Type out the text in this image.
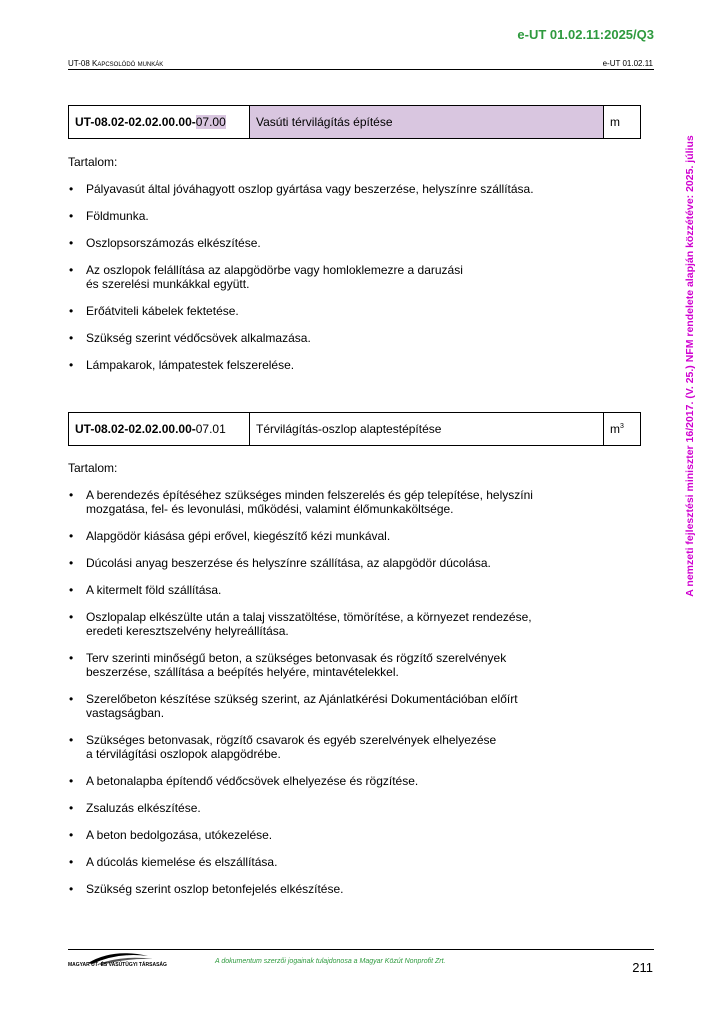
e-UT 01.02.11:2025/Q3
UT-08 Kapcsolódó munkák	e-UT 01.02.11
A nemzeti fejlesztési miniszter 16/2017. (V. 25.) NFM rendelete alapján közzétéve: 2025. július
UT-08.02-02.02.00.00-07.00	Vasúti térvilágítás építése	m
Tartalom:
• Pályavasút által jóváhagyott oszlop gyártása vagy beszerzése, helyszínre szállítása.
• Földmunka.
• Oszlopsorszámozás elkészítése.
• Az oszlopok felállítása az alapgödörbe vagy homloklemezre a daruzási
és szerelési munkákkal együtt.
• Erőátviteli kábelek fektetése.
• Szükség szerint védőcsövek alkalmazása.
• Lámpakarok, lámpatestek felszerelése.
UT-08.02-02.02.00.00-07.01	Térvilágítás-oszlop alaptestépítése	$m^3$
Tartalom:
• A berendezés építéséhez szükséges minden felszerelés és gép telepítése, helyszíni
mozgatása, fel- és levonulási, működési, valamint élőmunkaköltsége.
• Alapgödör kiásása gépi erővel, kiegészítő kézi munkával.
• Dúcolási anyag beszerzése és helyszínre szállítása, az alapgödör dúcolása.
• A kitermelt föld szállítása.
• Oszlopalap elkészülte után a talaj visszatöltése, tömörítése, a környezet rendezése,
eredeti keresztszelvény helyreállítása.
• Terv szerinti minőségű beton, a szükséges betonvasak és rögzítő szerelvények
beszerzése, szállítása a beépítés helyére, mintavételekkel.
• Szerelőbeton készítése szükség szerint, az Ajánlatkérési Dokumentációban előírt
vastagságban.
• Szükséges betonvasak, rögzítő csavarok és egyéb szerelvények elhelyezése
a térvilágítási oszlopok alapgödrébe.
• A betonalapba építendő védőcsövek elhelyezése és rögzítése.
• Zsaluzás elkészítése.
• A beton bedolgozása, utókezelése.
• A dúcolás kiemelése és elszállítása.
• Szükség szerint oszlop betonfejelés elkészítése.
MAGYAR ÚT- ÉS VASÚTÜGYI TÁRSASÁG	A dokumentum szerzői jogainak tulajdonosa a Magyar Közút Nonprofit Zrt.	211
